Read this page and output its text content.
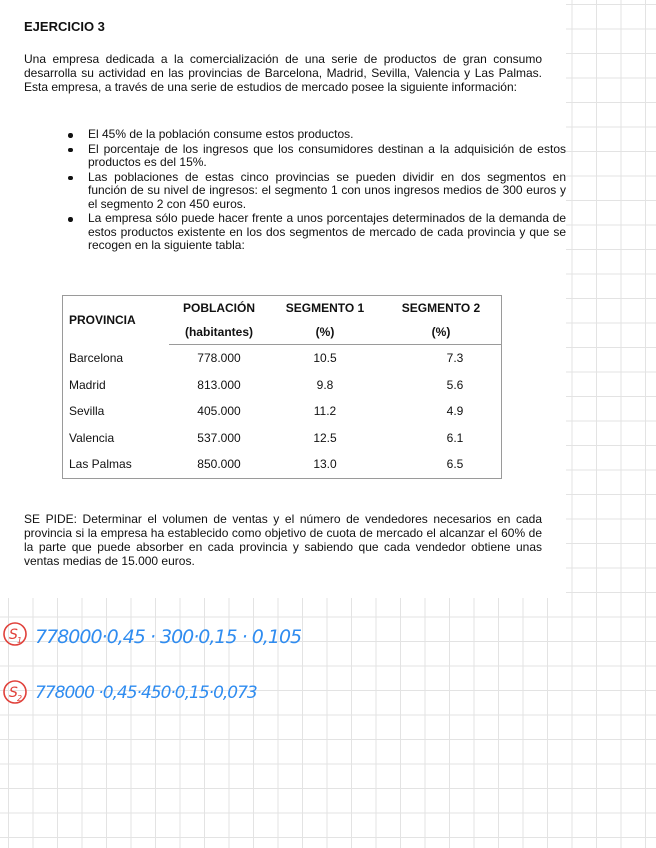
EJERCICIO 3

Una empresa dedicada a la comercialización de una serie de productos de gran consumo desarrolla su actividad en las provincias de Barcelona, Madrid, Sevilla, Valencia y Las Palmas. Esta empresa, a través de una serie de estudios de mercado posee la siguiente información:

El 45% de la población consume estos productos.
El porcentaje de los ingresos que los consumidores destinan a la adquisición de estos productos es del 15%.
Las poblaciones de estas cinco provincias se pueden dividir en dos segmentos en función de su nivel de ingresos: el segmento 1 con unos ingresos medios de 300 euros y el segmento 2 con 450 euros.
La empresa sólo puede hacer frente a unos porcentajes determinados de la demanda de estos productos existente en los dos segmentos de mercado de cada provincia y que se recogen en la siguiente tabla:
PROVINCIA	POBLACIÓN	SEGMENTO 1	SEGMENTO 2
	(habitantes)	(%)	(%)
Barcelona	778.000	10.5	7.3
Madrid	813.000	9.8	5.6
Sevilla	405.000	11.2	4.9
Valencia	537.000	12.5	6.1
Las Palmas	850.000	13.0	6.5

SE PIDE: Determinar el volumen de ventas y el número de vendedores necesarios en cada provincia si la empresa ha establecido como objetivo de cuota de mercado el alcanzar el 60% de la parte que puede absorber en cada provincia y sabiendo que cada vendedor obtiene unas ventas medias de 15.000 euros.

S 1 778000·0,45 · 300·0,15 · 0,105
S 2 778000 ·0,45·450·0,15·0,073
